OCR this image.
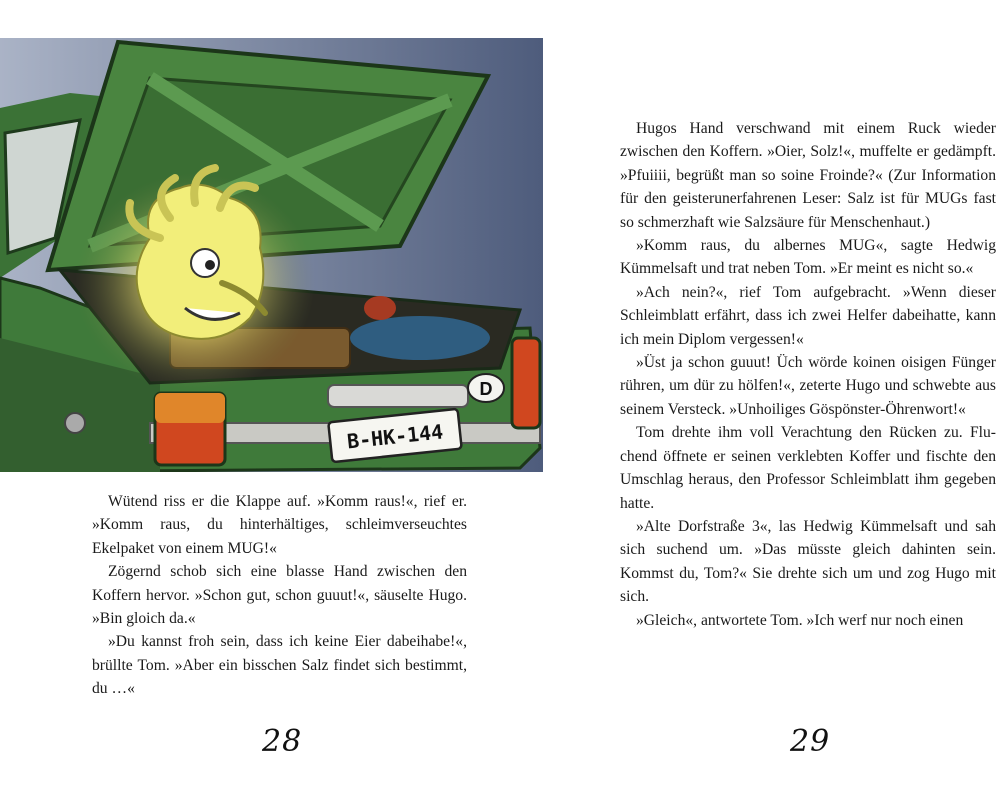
D
B-HK-144

Wütend riss er die Klappe auf. »Komm raus!«, rief er. »Komm raus, du hinterhältiges, schleimverseuchtes Ekelpaket von einem MUG!«

Zögernd schob sich eine blasse Hand zwischen den Koffern hervor. »Schon gut, schon guuut!«, säuselte Hugo. »Bin gloich da.«

»Du kannst froh sein, dass ich keine Eier dabeihabe!«, brüllte Tom. »Aber ein bisschen Salz findet sich bestimmt, du …«

28

Hugos Hand verschwand mit einem Ruck wieder zwischen den Koffern. »Oier, Solz!«, muffelte er gedämpft. »Pfuiiii, begrüßt man so soine Froinde?« (Zur Information für den geisterunerfahrenen Leser: Salz ist für MUGs fast so schmerzhaft wie Salzsäure für Menschenhaut.)

»Komm raus, du albernes MUG«, sagte Hedwig Kümmelsaft und trat neben Tom. »Er meint es nicht so.«

»Ach nein?«, rief Tom aufgebracht. »Wenn dieser Schleimblatt erfährt, dass ich zwei Helfer dabeihatte, kann ich mein Diplom vergessen!«

»Üst ja schon guuut! Üch wörde koinen oisigen Fünger rühren, um dür zu hölfen!«, zeterte Hugo und schwebte aus seinem Versteck. »Unhoiliges Göspönster-Öhrenwort!«

Tom drehte ihm voll Verachtung den Rücken zu. Fluchend öffnete er seinen verklebten Koffer und fischte den Umschlag heraus, den Professor Schleimblatt ihm gegeben hatte.

»Alte Dorfstraße 3«, las Hedwig Kümmelsaft und sah sich suchend um. »Das müsste gleich dahinten sein. Kommst du, Tom?« Sie drehte sich um und zog Hugo mit sich.

»Gleich«, antwortete Tom. »Ich werf nur noch einen

29
